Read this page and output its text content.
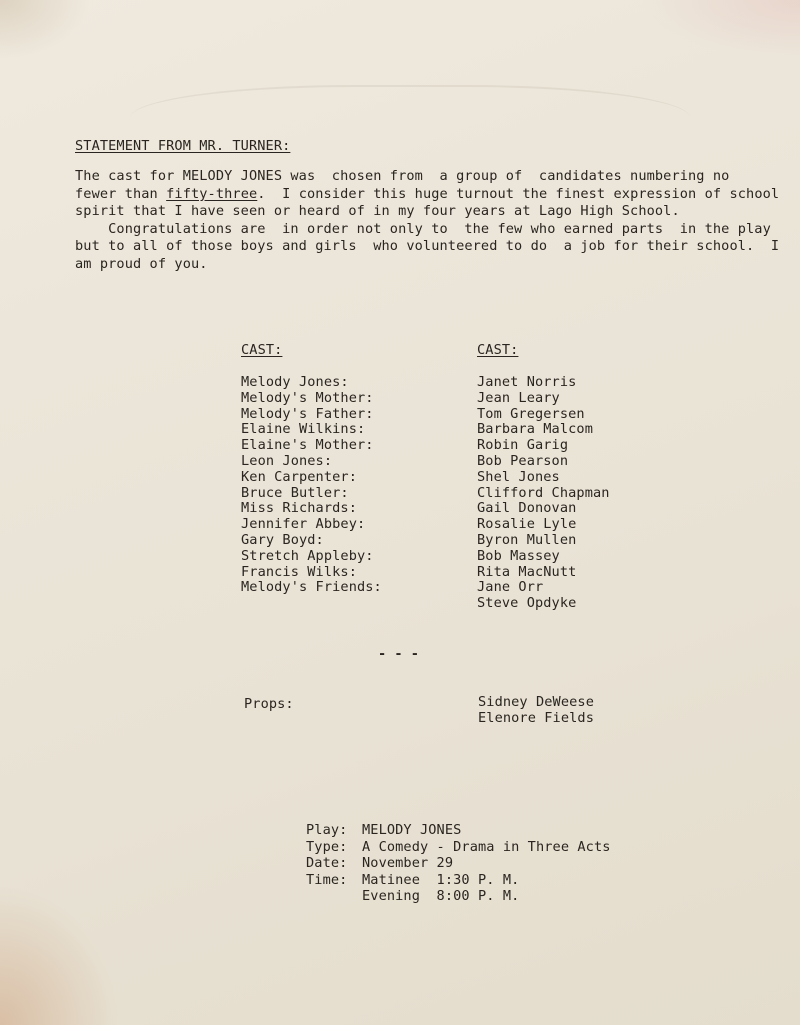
STATEMENT FROM MR. TURNER:

The cast for MELODY JONES was  chosen from  a group of  candidates numbering no

fewer than fifty-three.  I consider this huge turnout the finest expression of school

spirit that I have seen or heard of in my four years at Lago High School.

Congratulations are  in order not only to  the few who earned parts  in the play

but to all of those boys and girls  who volunteered to do  a job for their school.  I

am proud of you.

CAST:	CAST:
Melody Jones:
Melody's Mother:
Melody's Father:
Elaine Wilkins:
Elaine's Mother:
Leon Jones:
Ken Carpenter:
Bruce Butler:
Miss Richards:
Jennifer Abbey:
Gary Boyd:
Stretch Appleby:
Francis Wilks:
Melody's Friends:
Janet Norris
Jean Leary
Tom Gregersen
Barbara Malcom
Robin Garig
Bob Pearson
Shel Jones
Clifford Chapman
Gail Donovan
Rosalie Lyle
Byron Mullen
Bob Massey
Rita MacNutt
Jane Orr
Steve Opdyke
- - -
Props:	Sidney DeWeese
Elenore Fields
Play:
Type:
Date:
Time:
MELODY JONES
A Comedy - Drama in Three Acts
November 29
Matinee  1:30 P. M.
Evening  8:00 P. M.
